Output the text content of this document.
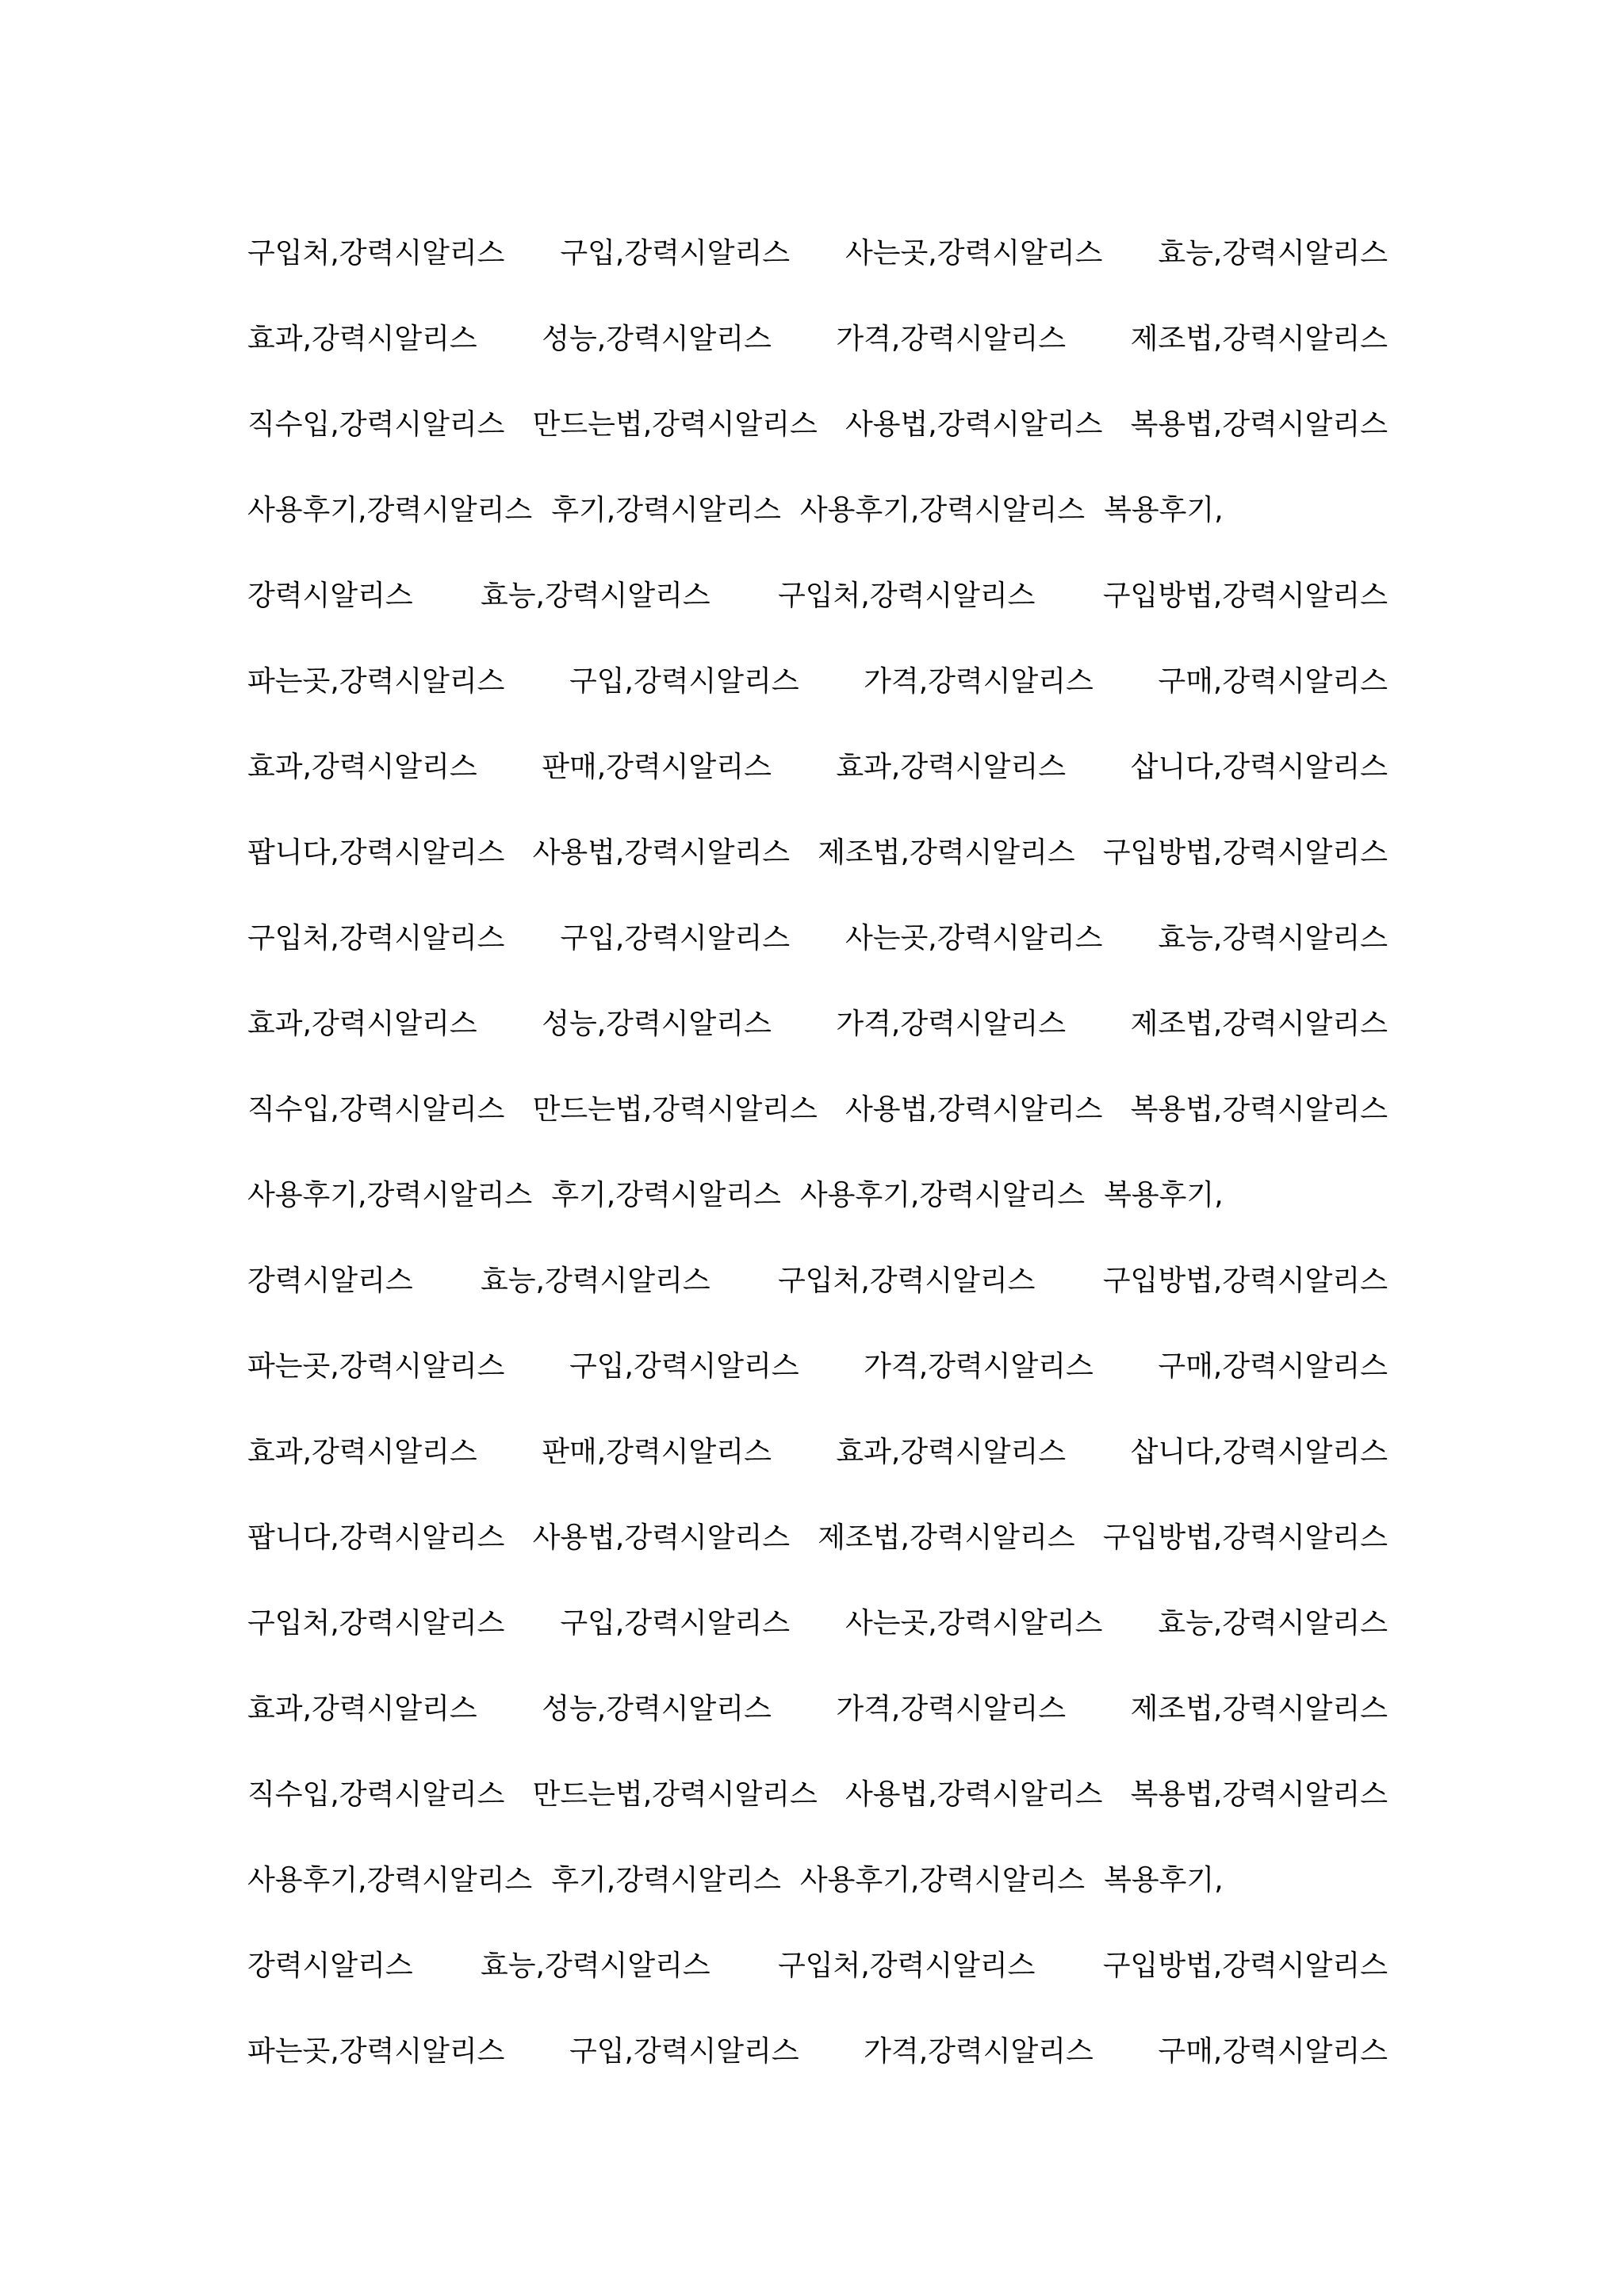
구입처,강력시알리스 구입,강력시알리스 사는곳,강력시알리스 효능,강력시알리스
효과,강력시알리스 성능,강력시알리스 가격,강력시알리스 제조법,강력시알리스
직수입,강력시알리스 만드는법,강력시알리스 사용법,강력시알리스 복용법,강력시알리스
사용후기,강력시알리스 후기,강력시알리스 사용후기,강력시알리스 복용후기,
강력시알리스 효능,강력시알리스 구입처,강력시알리스 구입방법,강력시알리스
파는곳,강력시알리스 구입,강력시알리스 가격,강력시알리스 구매,강력시알리스
효과,강력시알리스 판매,강력시알리스 효과,강력시알리스 삽니다,강력시알리스
팝니다,강력시알리스 사용법,강력시알리스 제조법,강력시알리스 구입방법,강력시알리스
구입처,강력시알리스 구입,강력시알리스 사는곳,강력시알리스 효능,강력시알리스
효과,강력시알리스 성능,강력시알리스 가격,강력시알리스 제조법,강력시알리스
직수입,강력시알리스 만드는법,강력시알리스 사용법,강력시알리스 복용법,강력시알리스
사용후기,강력시알리스 후기,강력시알리스 사용후기,강력시알리스 복용후기,
강력시알리스 효능,강력시알리스 구입처,강력시알리스 구입방법,강력시알리스
파는곳,강력시알리스 구입,강력시알리스 가격,강력시알리스 구매,강력시알리스
효과,강력시알리스 판매,강력시알리스 효과,강력시알리스 삽니다,강력시알리스
팝니다,강력시알리스 사용법,강력시알리스 제조법,강력시알리스 구입방법,강력시알리스
구입처,강력시알리스 구입,강력시알리스 사는곳,강력시알리스 효능,강력시알리스
효과,강력시알리스 성능,강력시알리스 가격,강력시알리스 제조법,강력시알리스
직수입,강력시알리스 만드는법,강력시알리스 사용법,강력시알리스 복용법,강력시알리스
사용후기,강력시알리스 후기,강력시알리스 사용후기,강력시알리스 복용후기,
강력시알리스 효능,강력시알리스 구입처,강력시알리스 구입방법,강력시알리스
파는곳,강력시알리스 구입,강력시알리스 가격,강력시알리스 구매,강력시알리스
